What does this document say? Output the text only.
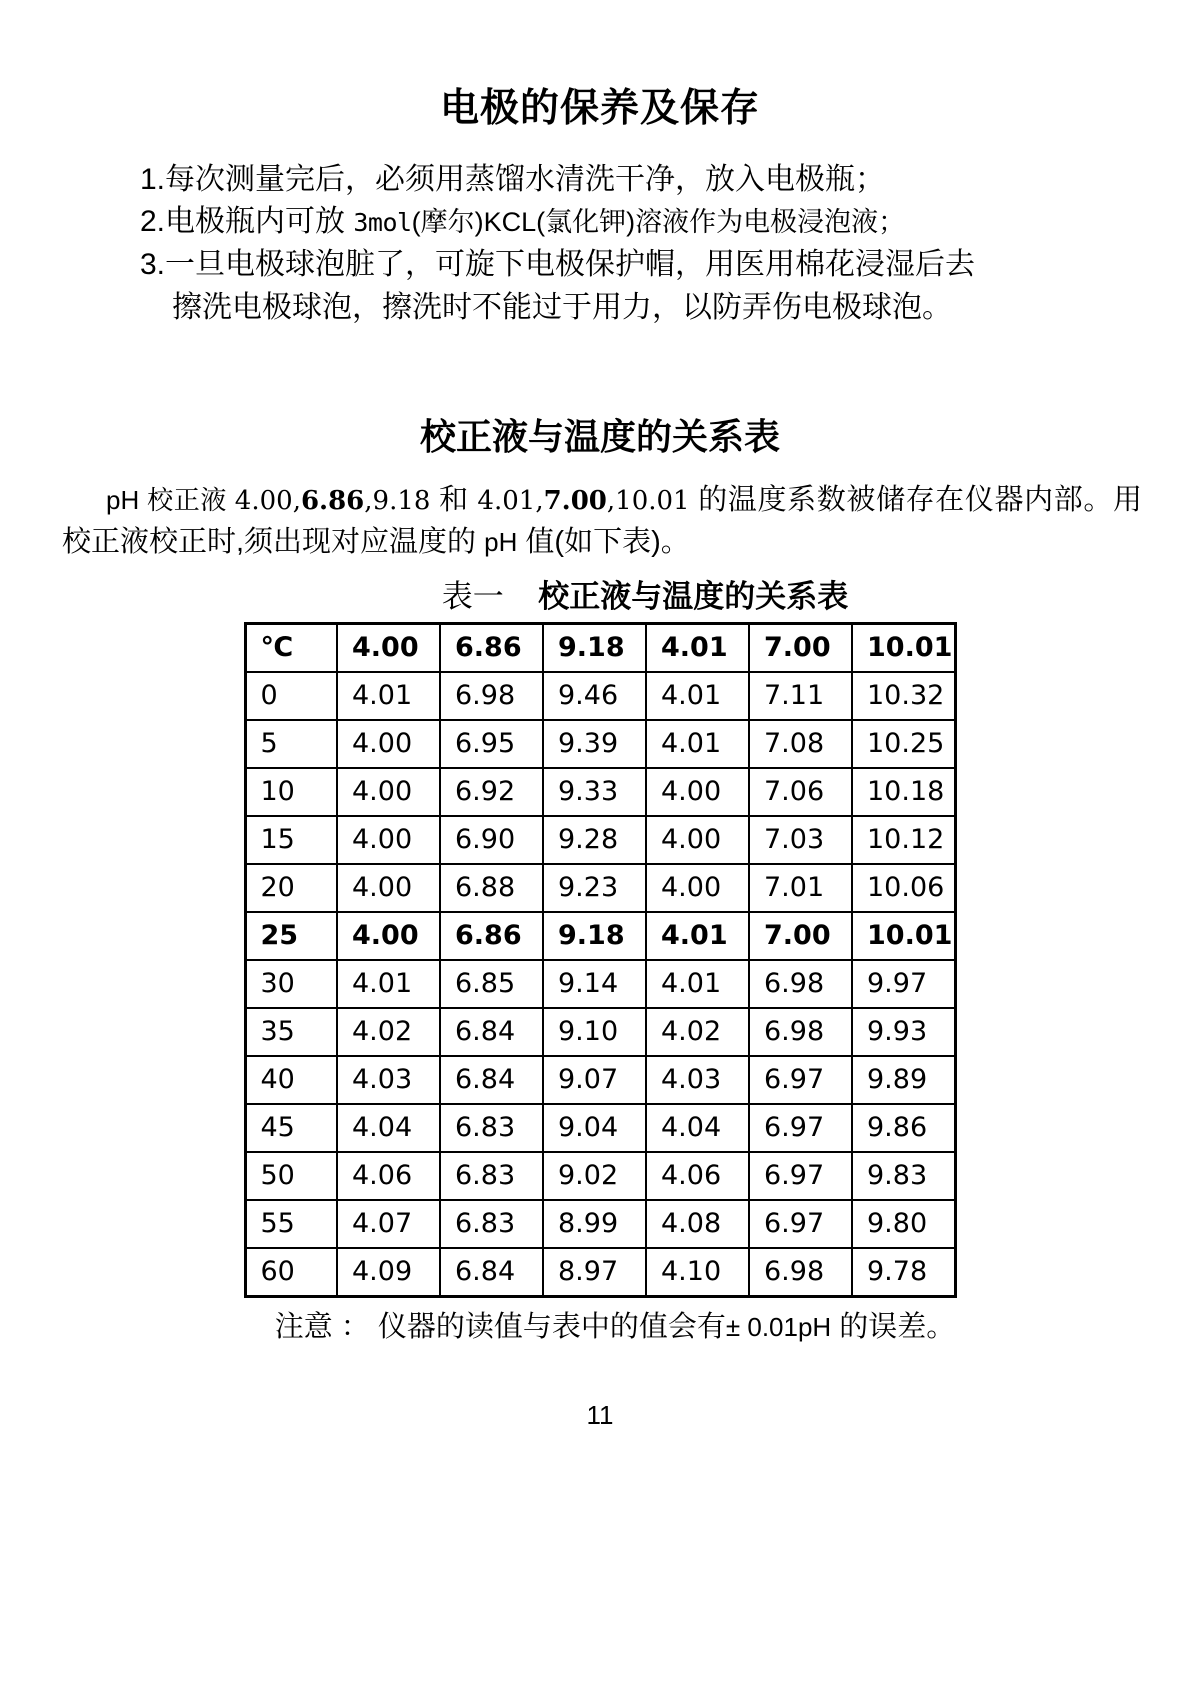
电极的保养及保存
1.每次测量完后，必须用蒸馏水清洗干净，放入电极瓶；
2.电极瓶内可放 3mol(摩尔)KCL(氯化钾)溶液作为电极浸泡液；
3.一旦电极球泡脏了，可旋下电极保护帽，用医用棉花浸湿后去
擦洗电极球泡，擦洗时不能过于用力，以防弄伤电极球泡。
校正液与温度的关系表
pH 校正液 4.00,6.86,9.18 和 4.01,7.00,10.01 的温度系数被储存在仪器内部。用校正液校正时,须出现对应温度的 pH 值(如下表)。
表一 校正液与温度的关系表
℃	4.00	6.86	9.18	4.01	7.00	10.01
0	4.01	6.98	9.46	4.01	7.11	10.32
5	4.00	6.95	9.39	4.01	7.08	10.25
10	4.00	6.92	9.33	4.00	7.06	10.18
15	4.00	6.90	9.28	4.00	7.03	10.12
20	4.00	6.88	9.23	4.00	7.01	10.06
25	4.00	6.86	9.18	4.01	7.00	10.01
30	4.01	6.85	9.14	4.01	6.98	9.97
35	4.02	6.84	9.10	4.02	6.98	9.93
40	4.03	6.84	9.07	4.03	6.97	9.89
45	4.04	6.83	9.04	4.04	6.97	9.86
50	4.06	6.83	9.02	4.06	6.97	9.83
55	4.07	6.83	8.99	4.08	6.97	9.80
60	4.09	6.84	8.97	4.10	6.98	9.78
注意 ： 仪器的读值与表中的值会有± 0.01pH 的误差。
11
